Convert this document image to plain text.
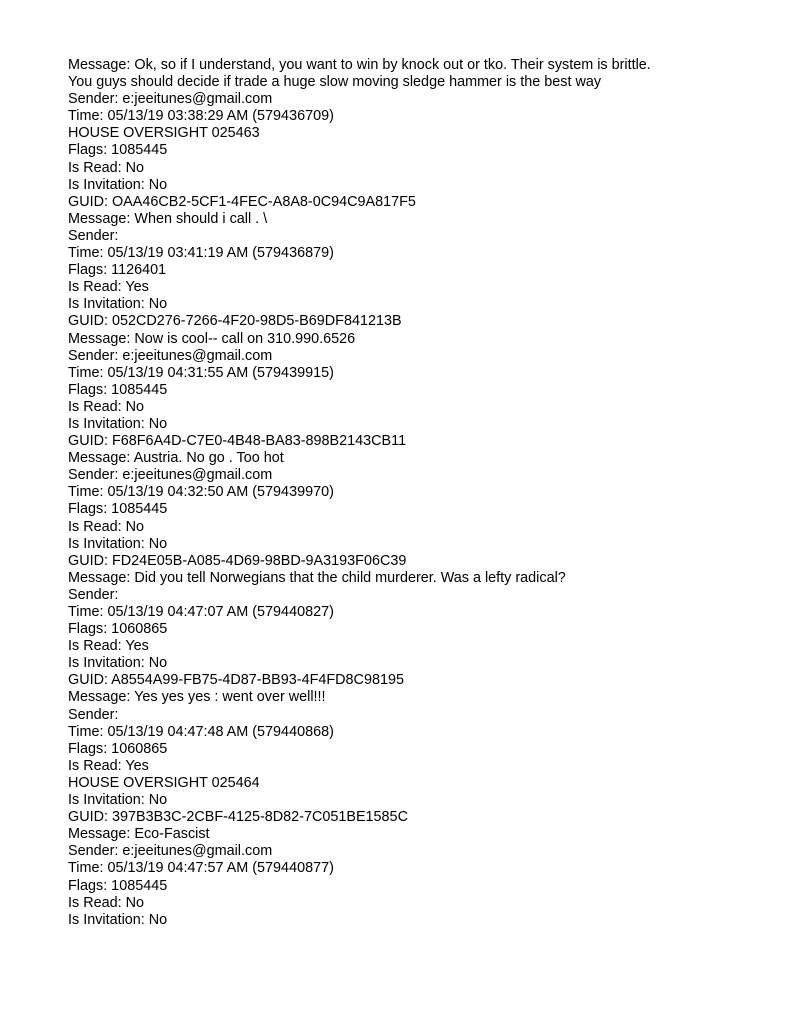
Message: Ok, so if I understand, you want to win by knock out or tko. Their system is brittle. You guys should decide if trade a huge slow moving sledge hammer is the best way
Sender: e:jeeitunes@gmail.com
Time: 05/13/19 03:38:29 AM (579436709)
HOUSE OVERSIGHT 025463
Flags: 1085445
Is Read: No
Is Invitation: No
GUID: OAA46CB2-5CF1-4FEC-A8A8-0C94C9A817F5
Message: When should i call . \
Sender:
Time: 05/13/19 03:41:19 AM (579436879)
Flags: 1126401
Is Read: Yes
Is Invitation: No
GUID: 052CD276-7266-4F20-98D5-B69DF841213B
Message: Now is cool-- call on 310.990.6526
Sender: e:jeeitunes@gmail.com
Time: 05/13/19 04:31:55 AM (579439915)
Flags: 1085445
Is Read: No
Is Invitation: No
GUID: F68F6A4D-C7E0-4B48-BA83-898B2143CB11
Message: Austria. No go . Too hot
Sender: e:jeeitunes@gmail.com
Time: 05/13/19 04:32:50 AM (579439970)
Flags: 1085445
Is Read: No
Is Invitation: No
GUID: FD24E05B-A085-4D69-98BD-9A3193F06C39
Message: Did you tell Norwegians that the child murderer. Was a lefty radical?
Sender:
Time: 05/13/19 04:47:07 AM (579440827)
Flags: 1060865
Is Read: Yes
Is Invitation: No
GUID: A8554A99-FB75-4D87-BB93-4F4FD8C98195
Message: Yes yes yes : went over well!!!
Sender:
Time: 05/13/19 04:47:48 AM (579440868)
Flags: 1060865
Is Read: Yes
HOUSE OVERSIGHT 025464
Is Invitation: No
GUID: 397B3B3C-2CBF-4125-8D82-7C051BE1585C
Message: Eco-Fascist
Sender: e:jeeitunes@gmail.com
Time: 05/13/19 04:47:57 AM (579440877)
Flags: 1085445
Is Read: No
Is Invitation: No
